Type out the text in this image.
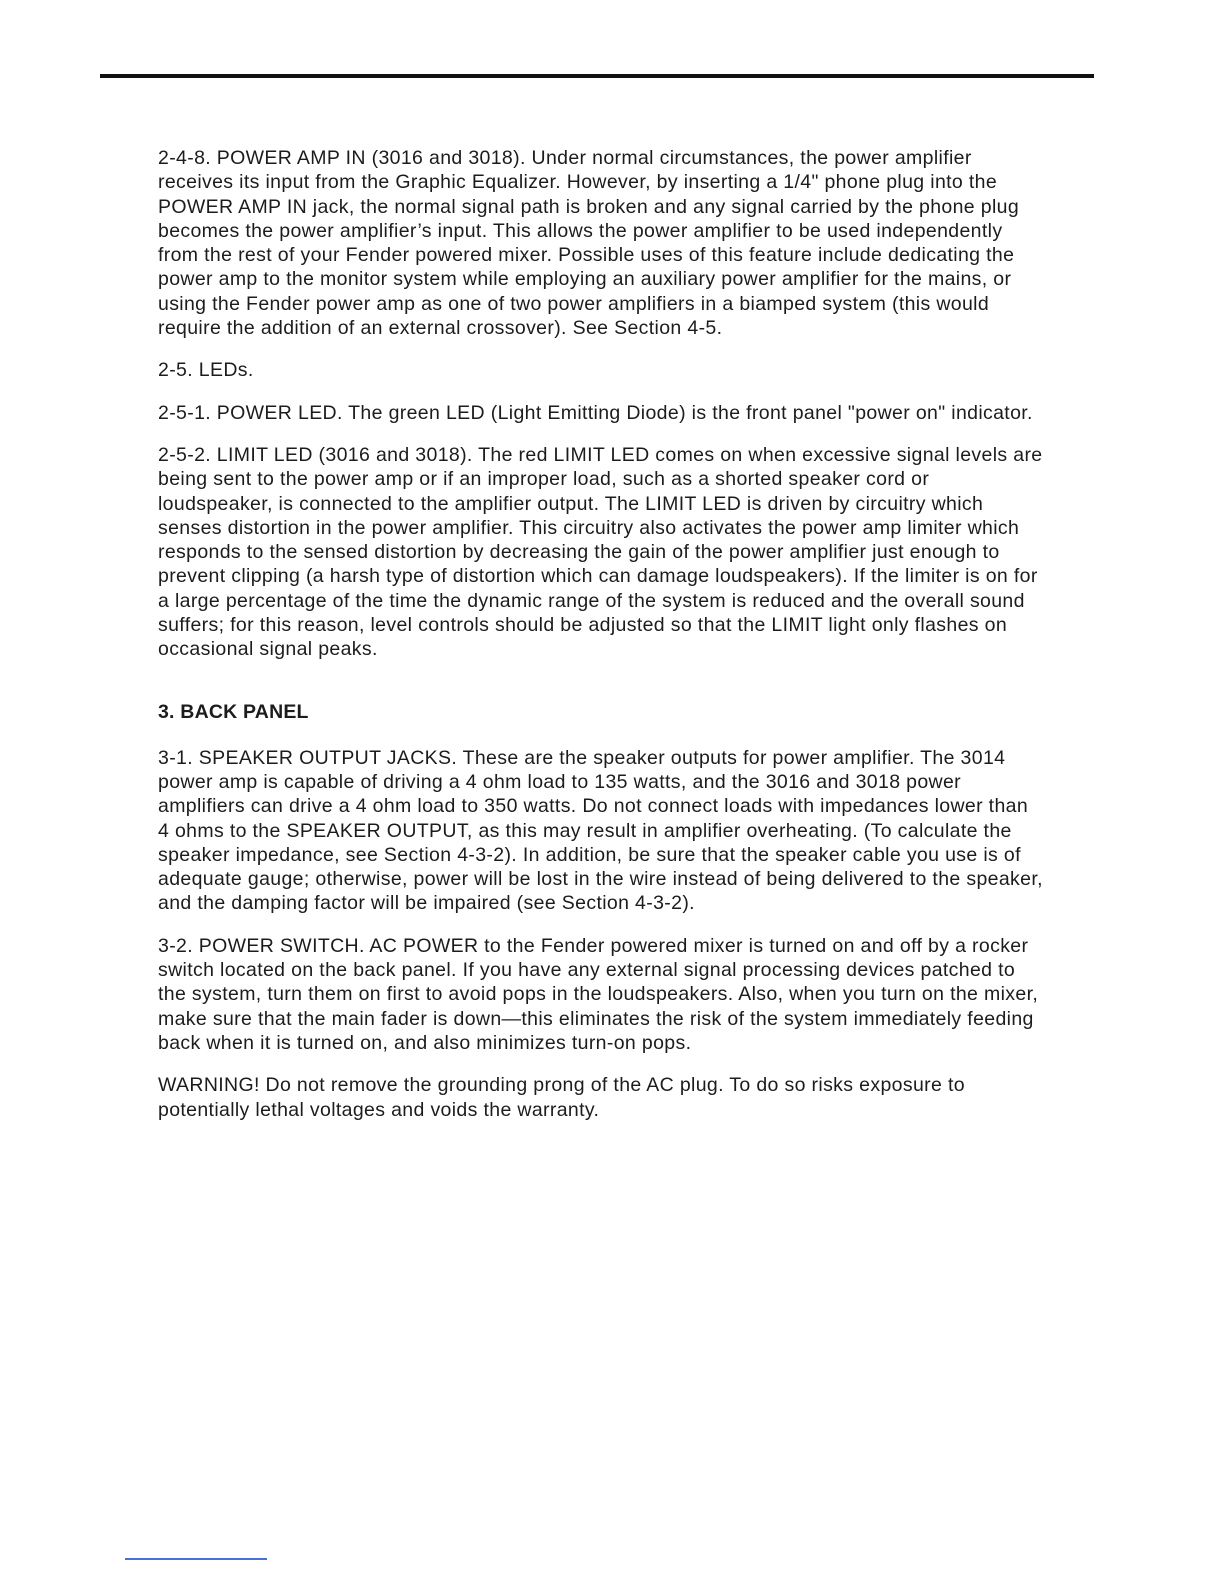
2-4-8. POWER AMP IN (3016 and 3018). Under normal circumstances, the power amplifier receives its input from the Graphic Equalizer. However, by inserting a 1/4" phone plug into the POWER AMP IN jack, the normal signal path is broken and any signal carried by the phone plug becomes the power amplifier’s input. This allows the power amplifier to be used independently from the rest of your Fender powered mixer. Possible uses of this feature include dedicating the power amp to the monitor system while employing an auxiliary power amplifier for the mains, or using the Fender power amp as one of two power amplifiers in a biamped system (this would require the addition of an external crossover). See Section 4-5.

2-5. LEDs.

2-5-1. POWER LED. The green LED (Light Emitting Diode) is the front panel "power on" indicator.

2-5-2. LIMIT LED (3016 and 3018). The red LIMIT LED comes on when excessive signal levels are being sent to the power amp or if an improper load, such as a shorted speaker cord or loudspeaker, is connected to the amplifier output. The LIMIT LED is driven by circuitry which senses distortion in the power amplifier. This circuitry also activates the power amp limiter which responds to the sensed distortion by decreasing the gain of the power amplifier just enough to prevent clipping (a harsh type of distortion which can damage loudspeakers). If the limiter is on for a large percentage of the time the dynamic range of the system is reduced and the overall sound suffers; for this reason, level controls should be adjusted so that the LIMIT light only flashes on occasional signal peaks.

3. BACK PANEL

3-1. SPEAKER OUTPUT JACKS. These are the speaker outputs for power amplifier. The 3014 power amp is capable of driving a 4 ohm load to 135 watts, and the 3016 and 3018 power amplifiers can drive a 4 ohm load to 350 watts. Do not connect loads with impedances lower than 4 ohms to the SPEAKER OUTPUT, as this may result in amplifier overheating. (To calculate the speaker impedance, see Section 4-3-2). In addition, be sure that the speaker cable you use is of adequate gauge; otherwise, power will be lost in the wire instead of being delivered to the speaker, and the damping factor will be impaired (see Section 4-3-2).

3-2. POWER SWITCH. AC POWER to the Fender powered mixer is turned on and off by a rocker switch located on the back panel. If you have any external signal processing devices patched to the system, turn them on first to avoid pops in the loudspeakers. Also, when you turn on the mixer, make sure that the main fader is down—this eliminates the risk of the system immediately feeding back when it is turned on, and also minimizes turn-on pops.

WARNING! Do not remove the grounding prong of the AC plug. To do so risks exposure to potentially lethal voltages and voids the warranty.
